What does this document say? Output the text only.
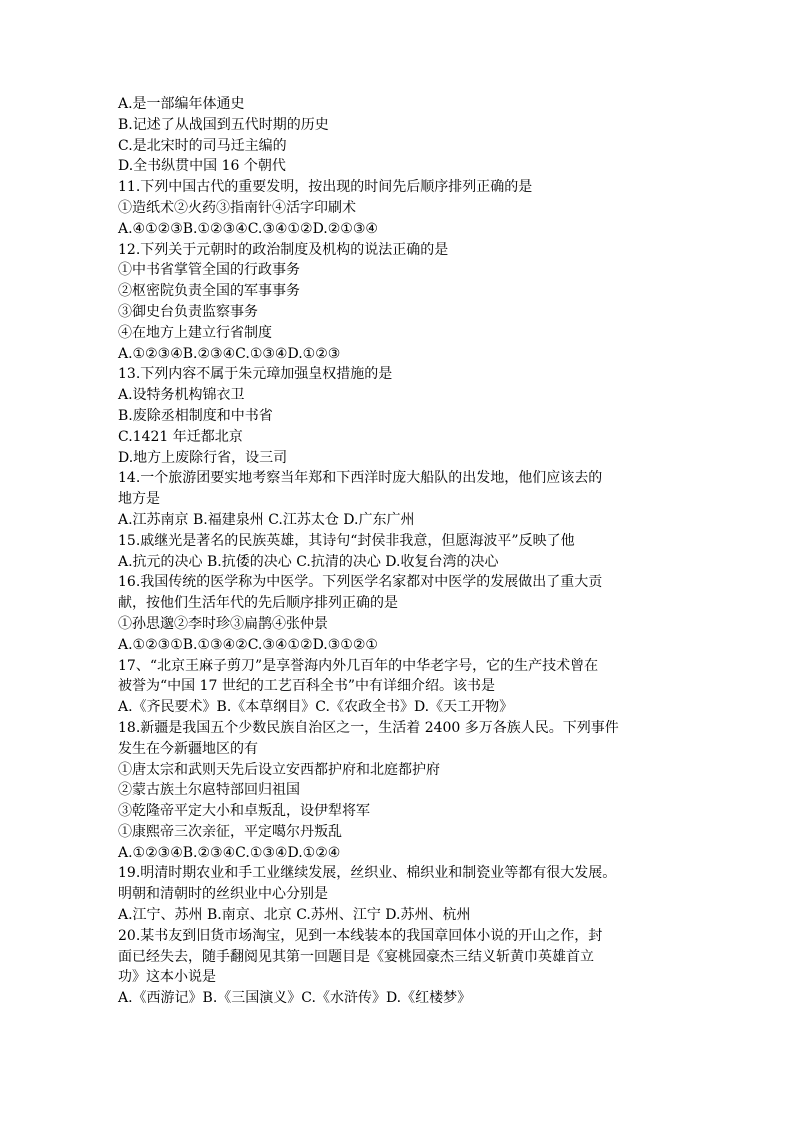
A.是一部编年体通史
B.记述了从战国到五代时期的历史
C.是北宋时的司马迁主编的
D.全书纵贯中国 16 个朝代
11.下列中国古代的重要发明，按出现的时间先后顺序排列正确的是
①造纸术②火药③指南针④活字印刷术
A.④①②③B.①②③④C.③④①②D.②①③④
12.下列关于元朝时的政治制度及机构的说法正确的是
①中书省掌管全国的行政事务
②枢密院负责全国的军事事务
③御史台负责监察事务
④在地方上建立行省制度
A.①②③④B.②③④C.①③④D.①②③
13.下列内容不属于朱元璋加强皇权措施的是
A.设特务机构锦衣卫
B.废除丞相制度和中书省
C.1421 年迁都北京
D.地方上废除行省，设三司
14.一个旅游团要实地考察当年郑和下西洋时庞大船队的出发地，他们应该去的
地方是
A.江苏南京 B.福建泉州 C.江苏太仓 D.广东广州
15.戚继光是著名的民族英雄，其诗句“封侯非我意，但愿海波平”反映了他
A.抗元的决心 B.抗倭的决心 C.抗清的决心 D.收复台湾的决心
16.我国传统的医学称为中医学。下列医学名家都对中医学的发展做出了重大贡
献，按他们生活年代的先后顺序排列正确的是
①孙思邈②李时珍③扁鹊④张仲景
A.①②③①B.①③④②C.③④①②D.③①②①
17、“北京王麻子剪刀”是享誉海内外几百年的中华老字号，它的生产技术曾在
被誉为“中国 17 世纪的工艺百科全书”中有详细介绍。该书是
A.《齐民要术》B.《本草纲目》C.《农政全书》D.《天工开物》
18.新疆是我国五个少数民族自治区之一，生活着 2400 多万各族人民。下列事件
发生在今新疆地区的有
①唐太宗和武则天先后设立安西都护府和北庭都护府
②蒙古族土尔扈特部回归祖国
③乾隆帝平定大小和卓叛乱，设伊犁将军
①康熙帝三次亲征，平定噶尔丹叛乱
A.①②③④B.②③④C.①③④D.①②④
19.明清时期农业和手工业继续发展，丝织业、棉织业和制瓷业等都有很大发展。
明朝和清朝时的丝织业中心分别是
A.江宁、苏州 B.南京、北京 C.苏州、江宁 D.苏州、杭州
20.某书友到旧货市场淘宝，见到一本线装本的我国章回体小说的开山之作，封
面已经失去，随手翻阅见其第一回题目是《宴桃园豪杰三结义斩黄巾英雄首立
功》这本小说是
A.《西游记》B.《三国演义》C.《水浒传》D.《红楼梦》
